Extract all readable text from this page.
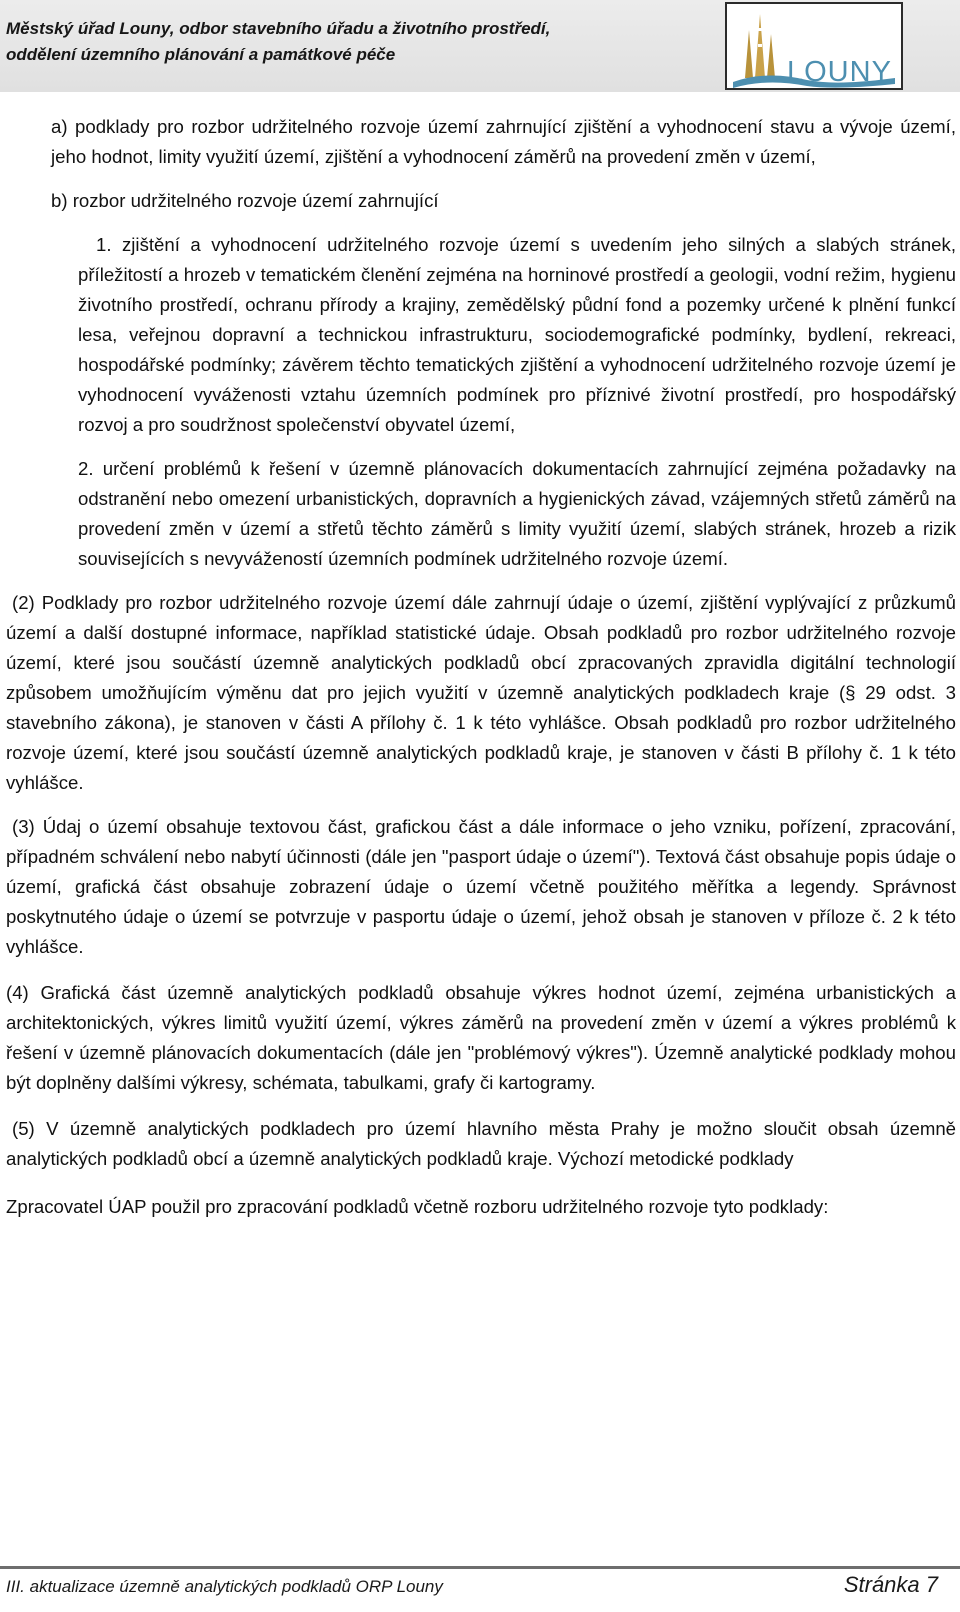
Městský úřad Louny, odbor stavebního úřadu a životního prostředí,
oddělení územního plánování a památkové péče
LOUNY

a) podklady pro rozbor udržitelného rozvoje území zahrnující zjištění a vyhodnocení stavu a vývoje území, jeho hodnot, limity využití území, zjištění a vyhodnocení záměrů na provedení změn v území,

b) rozbor udržitelného rozvoje území zahrnující

1. zjištění a vyhodnocení udržitelného rozvoje území s uvedením jeho silných a slabých stránek, příležitostí a hrozeb v tematickém členění zejména na horninové prostředí a geologii, vodní režim, hygienu životního prostředí, ochranu přírody a krajiny, zemědělský půdní fond a pozemky určené k plnění funkcí lesa, veřejnou dopravní a technickou infrastrukturu, sociodemografické podmínky, bydlení, rekreaci, hospodářské podmínky; závěrem těchto tematických zjištění a vyhodnocení udržitelného rozvoje území je vyhodnocení vyváženosti vztahu územních podmínek pro příznivé životní prostředí, pro hospodářský rozvoj a pro soudržnost společenství obyvatel území,

2. určení problémů k řešení v územně plánovacích dokumentacích zahrnující zejména požadavky na odstranění nebo omezení urbanistických, dopravních a hygienických závad, vzájemných střetů záměrů na provedení změn v území a střetů těchto záměrů s limity využití území, slabých stránek, hrozeb a rizik souvisejících s nevyvážeností územních podmínek udržitelného rozvoje území.

(2) Podklady pro rozbor udržitelného rozvoje území dále zahrnují údaje o území, zjištění vyplývající z průzkumů území a další dostupné informace, například statistické údaje. Obsah podkladů pro rozbor udržitelného rozvoje území, které jsou součástí územně analytických podkladů obcí zpracovaných zpravidla digitální technologií způsobem umožňujícím výměnu dat pro jejich využití v územně analytických podkladech kraje (§ 29 odst. 3 stavebního zákona), je stanoven v části A přílohy č. 1 k této vyhlášce. Obsah podkladů pro rozbor udržitelného rozvoje území, které jsou součástí územně analytických podkladů kraje, je stanoven v části B přílohy č. 1 k této vyhlášce.

(3) Údaj o území obsahuje textovou část, grafickou část a dále informace o jeho vzniku, pořízení, zpracování, případném schválení nebo nabytí účinnosti (dále jen "pasport údaje o území"). Textová část obsahuje popis údaje o území, grafická část obsahuje zobrazení údaje o území včetně použitého měřítka a legendy. Správnost poskytnutého údaje o území se potvrzuje v pasportu údaje o území, jehož obsah je stanoven v příloze č. 2 k této vyhlášce.

(4) Grafická část územně analytických podkladů obsahuje výkres hodnot území, zejména urbanistických a architektonických, výkres limitů využití území, výkres záměrů na provedení změn v území a výkres problémů k řešení v územně plánovacích dokumentacích (dále jen "problémový výkres"). Územně analytické podklady mohou být doplněny dalšími výkresy, schémata, tabulkami, grafy či kartogramy.

(5) V územně analytických podkladech pro území hlavního města Prahy je možno sloučit obsah územně analytických podkladů obcí a územně analytických podkladů kraje. Výchozí metodické podklady

Zpracovatel ÚAP použil pro zpracování podkladů včetně rozboru udržitelného rozvoje tyto podklady:

III. aktualizace územně analytických podkladů ORP Louny	Stránka 7
